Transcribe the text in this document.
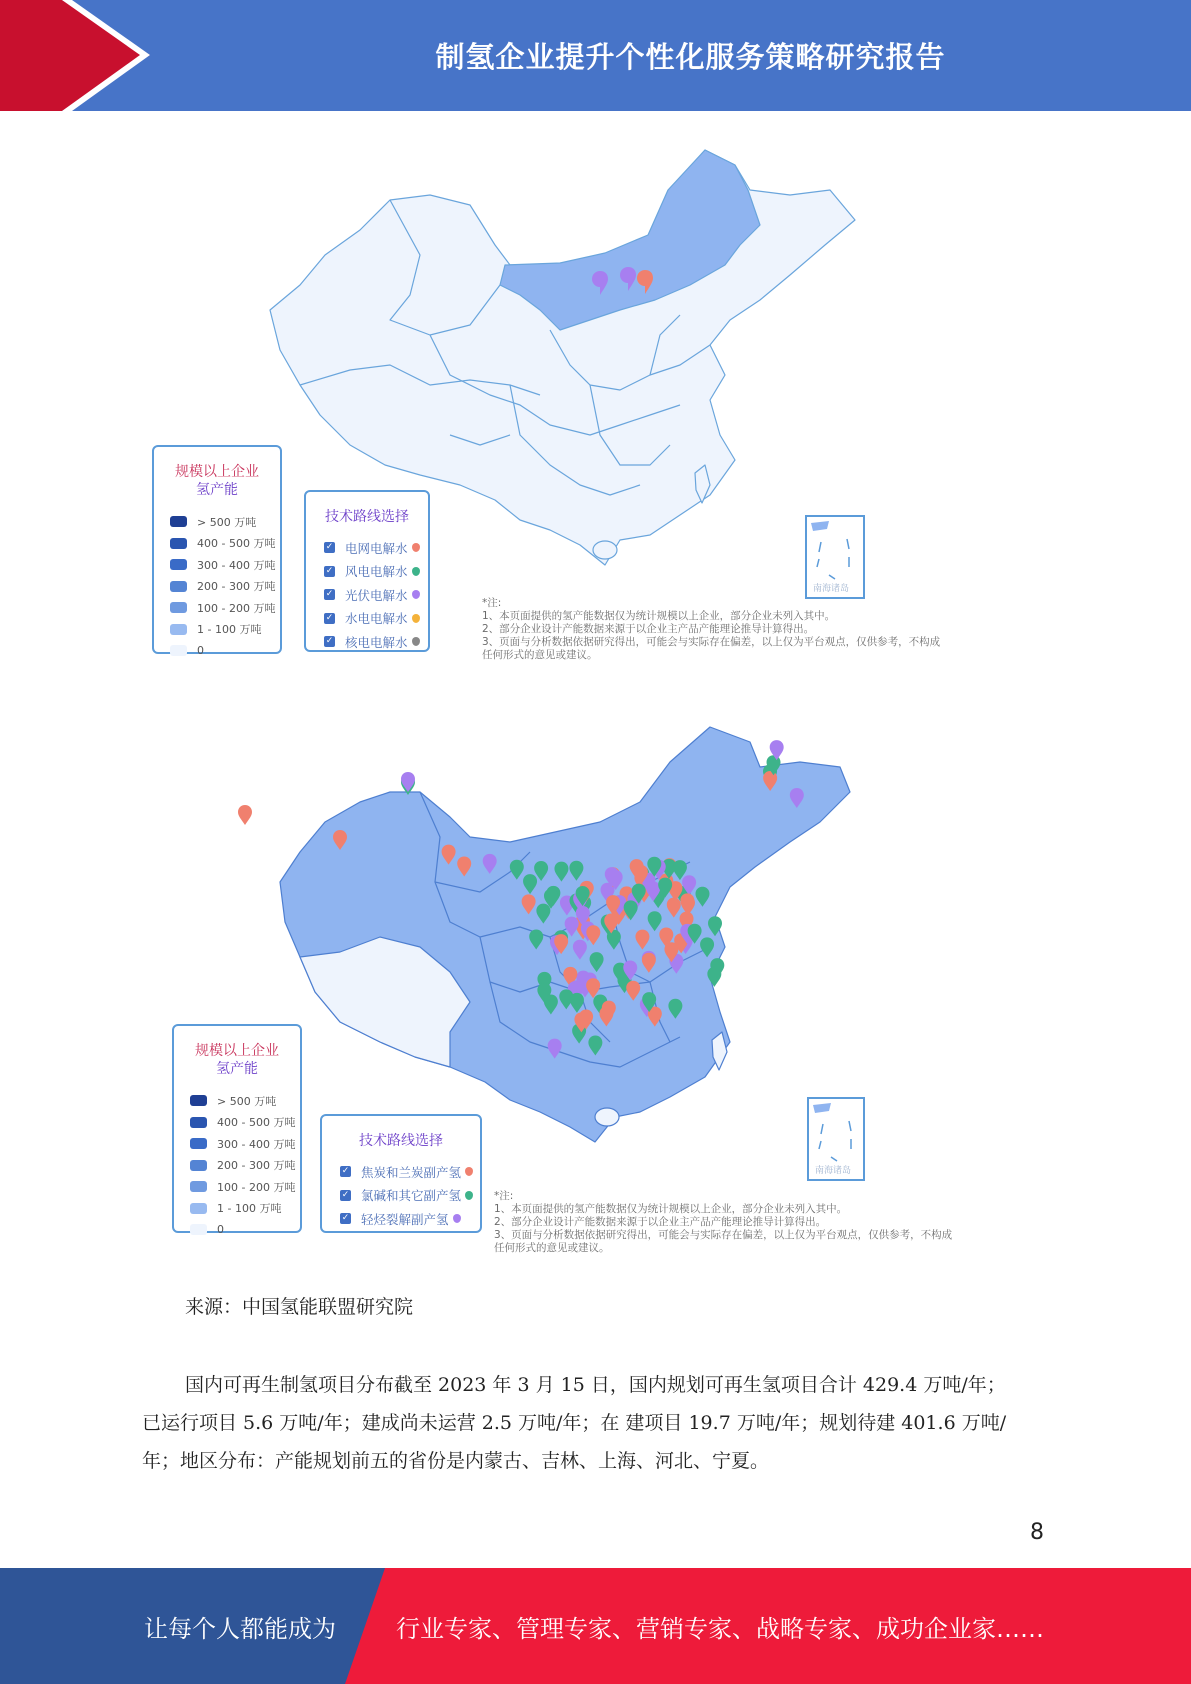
制氢企业提升个性化服务策略研究报告
南海诸岛
规模以上企业
氢产能
> 500 万吨
400 - 500 万吨
300 - 400 万吨
200 - 300 万吨
100 - 200 万吨
1 - 100 万吨
0
技术路线选择
✓ 电网电解水
✓ 风电电解水
✓ 光伏电解水
✓ 水电电解水
✓ 核电电解水
*注:
1、本页面提供的氢产能数据仅为统计规模以上企业，部分企业未列入其中。
2、部分企业设计产能数据来源于以企业主产品产能理论推导计算得出。
3、页面与分析数据依据研究得出，可能会与实际存在偏差，以上仅为平台观点，仅供参考，不构成
任何形式的意见或建议。
南海诸岛
规模以上企业
氢产能
> 500 万吨
400 - 500 万吨
300 - 400 万吨
200 - 300 万吨
100 - 200 万吨
1 - 100 万吨
0
技术路线选择
✓ 焦炭和兰炭副产氢
✓ 氯碱和其它副产氢
✓ 轻烃裂解副产氢
*注:
1、本页面提供的氢产能数据仅为统计规模以上企业，部分企业未列入其中。
2、部分企业设计产能数据来源于以企业主产品产能理论推导计算得出。
3、页面与分析数据依据研究得出，可能会与实际存在偏差，以上仅为平台观点，仅供参考，不构成
任何形式的意见或建议。
来源：中国氢能联盟研究院
国内可再生制氢项目分布截至 2023 年 3 月 15 日，国内规划可再生氢项目合计 429.4 万吨/年；已运行项目 5.6 万吨/年；建成尚未运营 2.5 万吨/年；在 建项目 19.7 万吨/年；规划待建 401.6 万吨/年；地区分布：产能规划前五的省份是内蒙古、吉林、上海、河北、宁夏。
8
让每个人都能成为	行业专家、管理专家、营销专家、战略专家、成功企业家……
